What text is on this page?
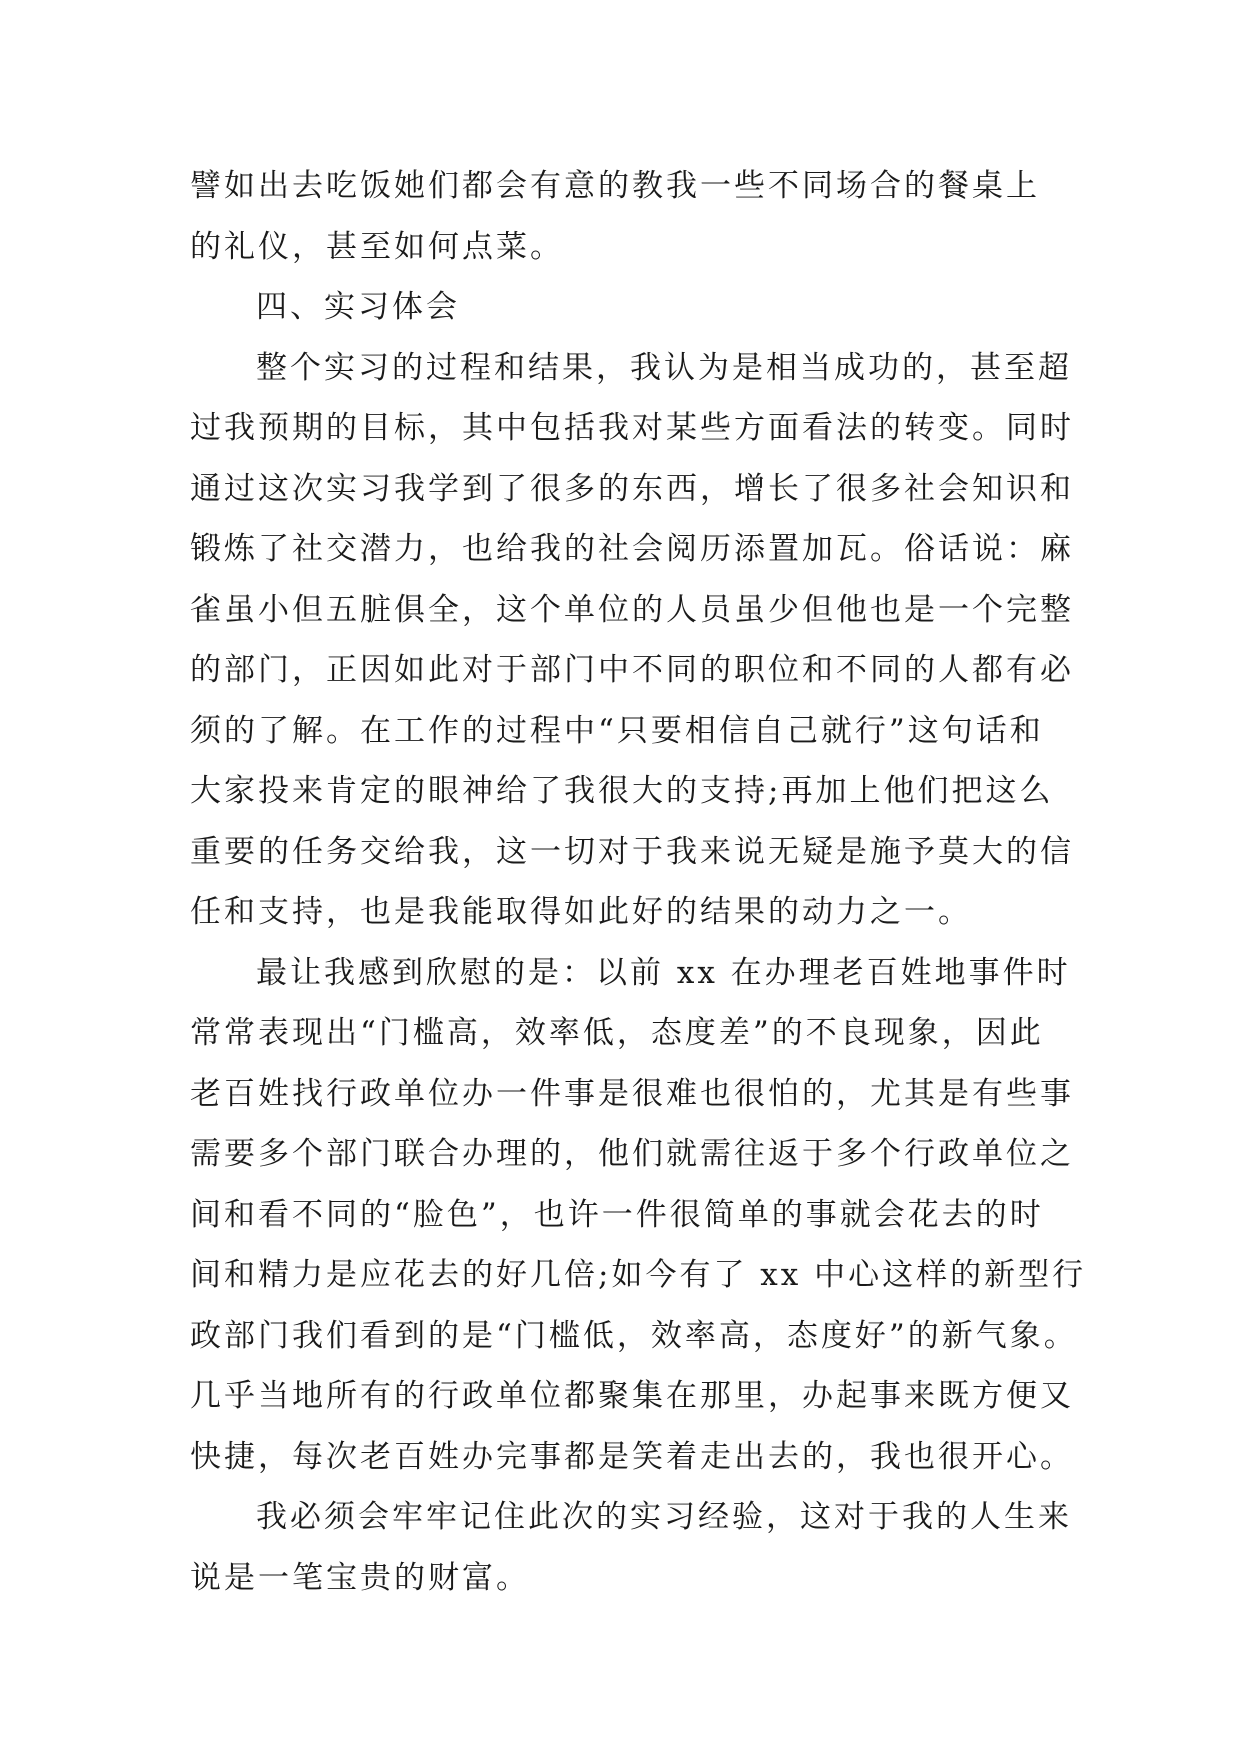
譬如出去吃饭她们都会有意的教我一些不同场合的餐桌上
的礼仪，甚至如何点菜。
四、实习体会
整个实习的过程和结果，我认为是相当成功的，甚至超
过我预期的目标，其中包括我对某些方面看法的转变。同时
通过这次实习我学到了很多的东西，增长了很多社会知识和
锻炼了社交潜力，也给我的社会阅历添置加瓦。俗话说：麻
雀虽小但五脏俱全，这个单位的人员虽少但他也是一个完整
的部门，正因如此对于部门中不同的职位和不同的人都有必
须的了解。在工作的过程中“只要相信自己就行”这句话和
大家投来肯定的眼神给了我很大的支持;再加上他们把这么
重要的任务交给我，这一切对于我来说无疑是施予莫大的信
任和支持，也是我能取得如此好的结果的动力之一。
最让我感到欣慰的是：以前 xx 在办理老百姓地事件时
常常表现出“门槛高，效率低，态度差”的不良现象，因此
老百姓找行政单位办一件事是很难也很怕的，尤其是有些事
需要多个部门联合办理的，他们就需往返于多个行政单位之
间和看不同的“脸色”，也许一件很简单的事就会花去的时
间和精力是应花去的好几倍;如今有了 xx 中心这样的新型行
政部门我们看到的是“门槛低，效率高，态度好”的新气象。
几乎当地所有的行政单位都聚集在那里，办起事来既方便又
快捷，每次老百姓办完事都是笑着走出去的，我也很开心。
我必须会牢牢记住此次的实习经验，这对于我的人生来
说是一笔宝贵的财富。
